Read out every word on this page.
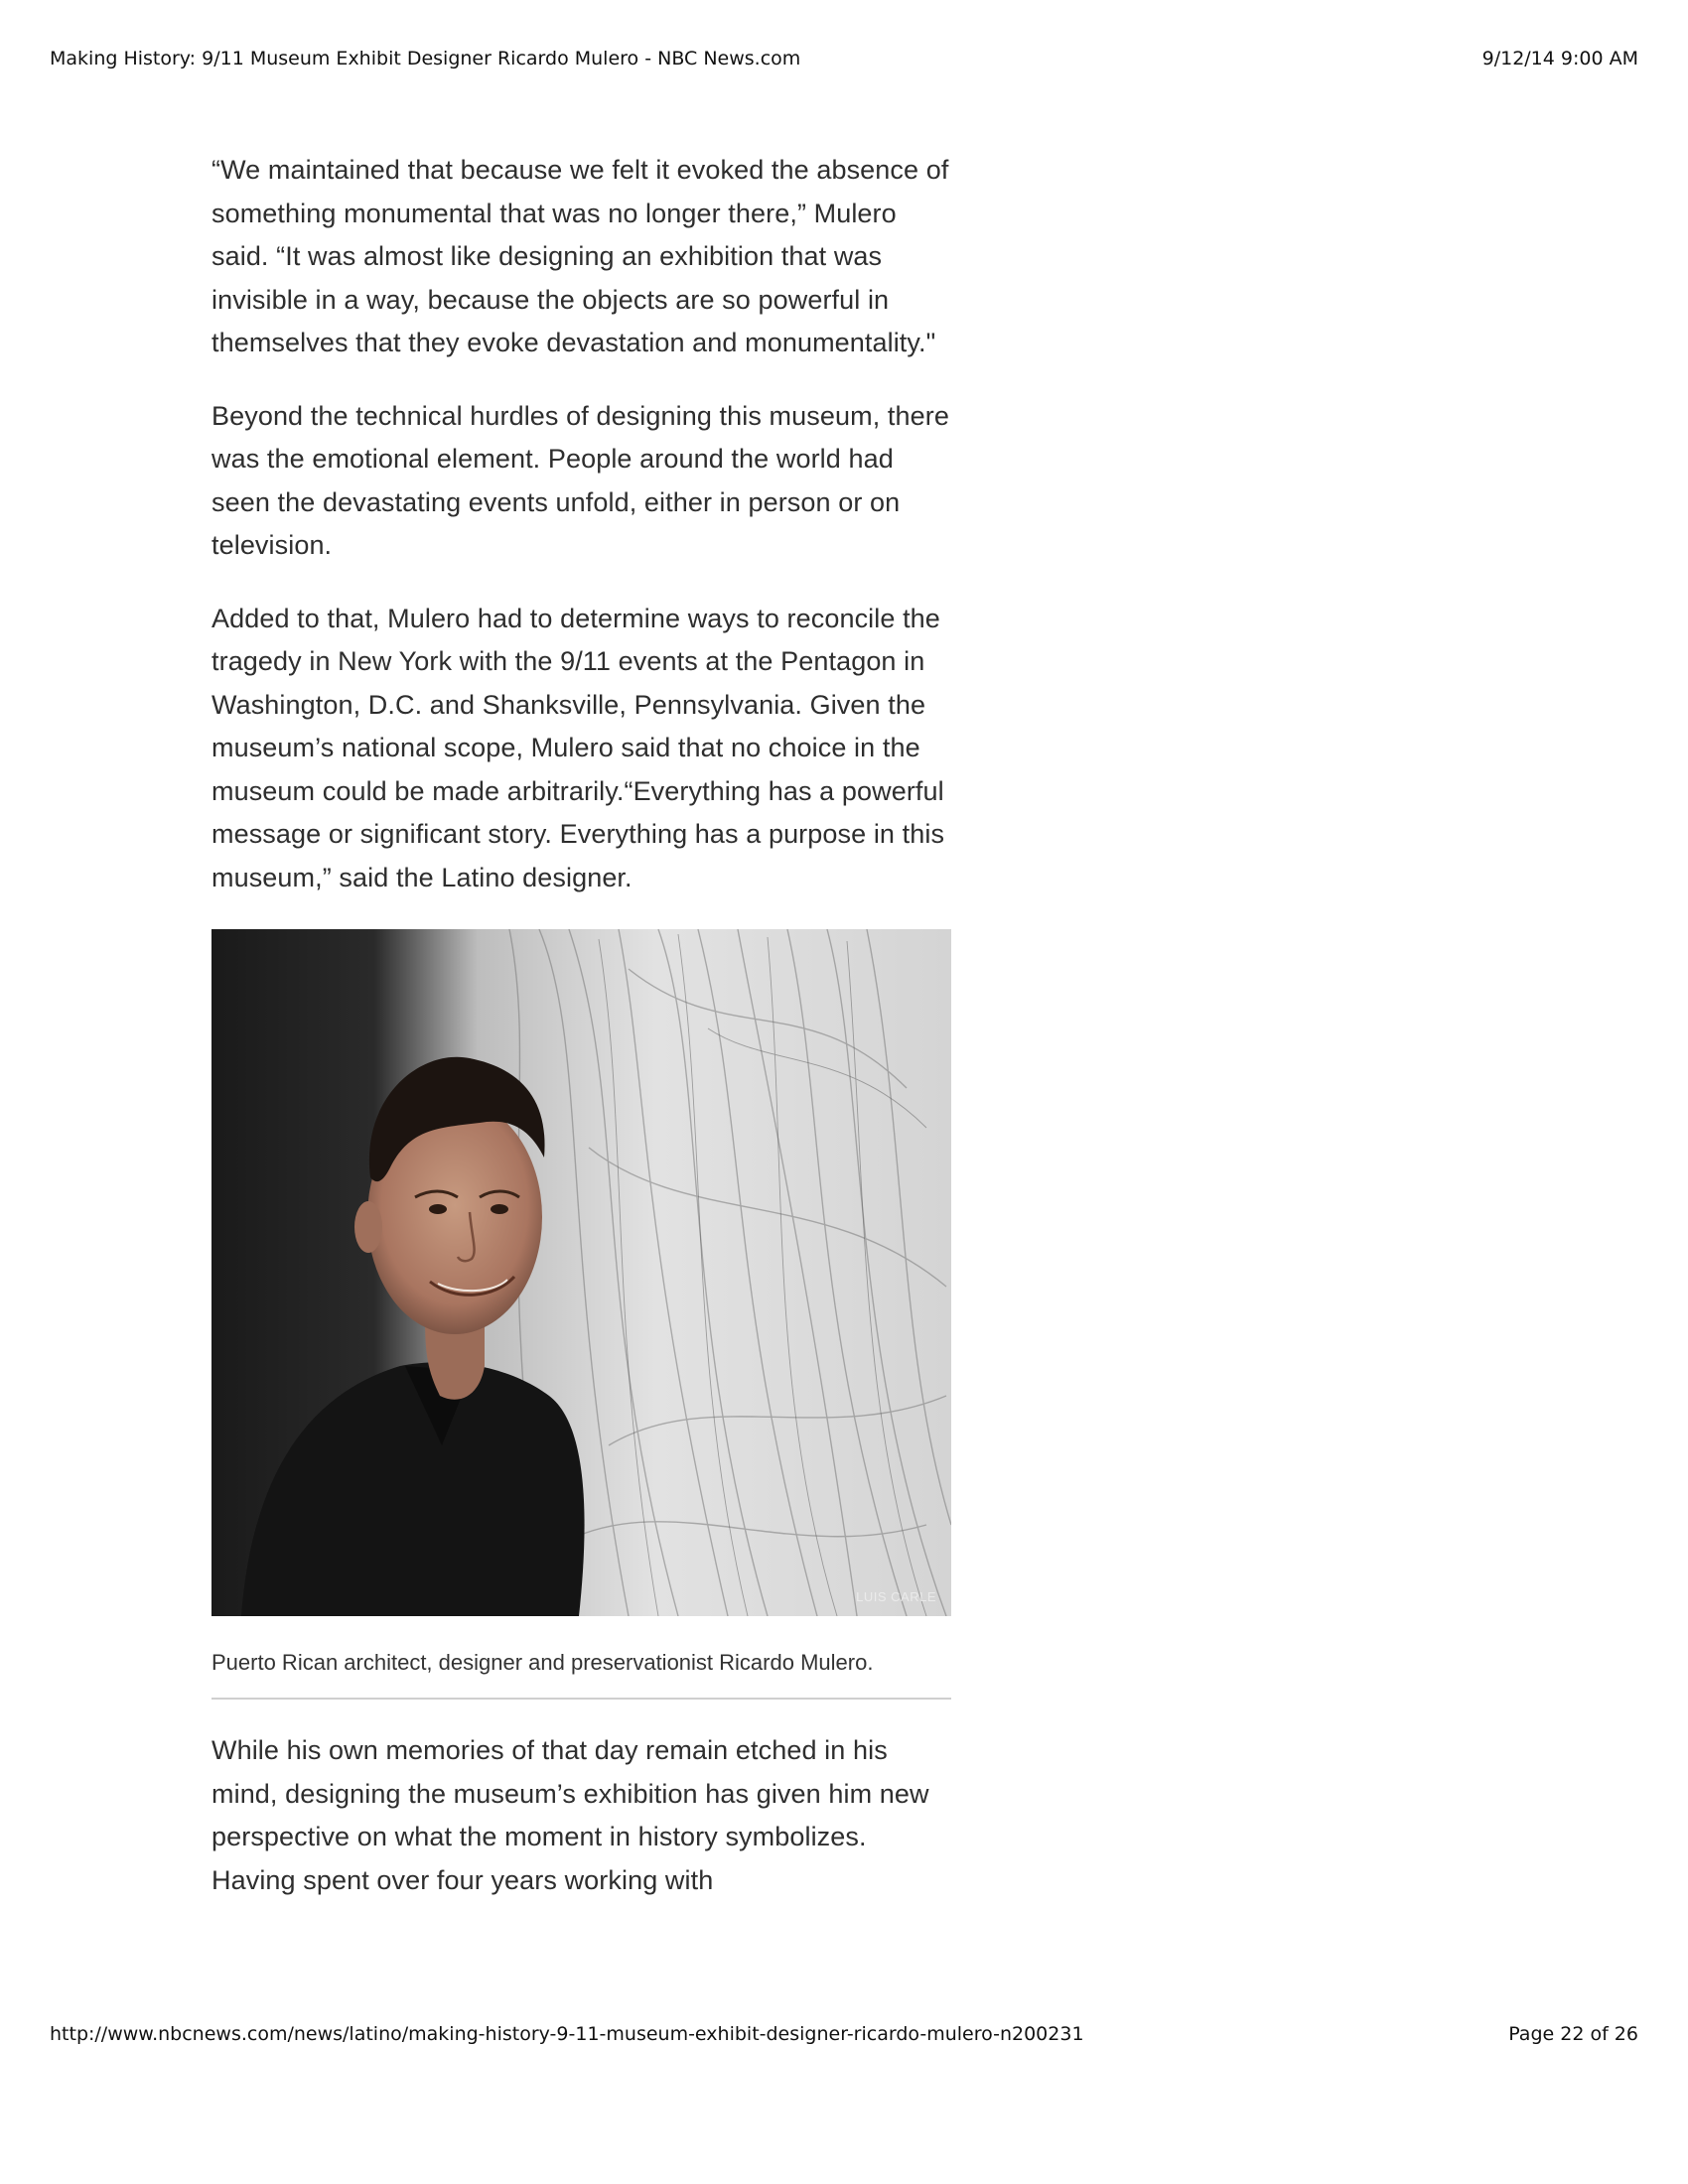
Making History: 9/11 Museum Exhibit Designer Ricardo Mulero - NBC News.com	9/12/14 9:00 AM

“We maintained that because we felt it evoked the absence of something monumental that was no longer there,” Mulero said. “It was almost like designing an exhibition that was invisible in a way, because the objects are so powerful in themselves that they evoke devastation and monumentality."

Beyond the technical hurdles of designing this museum, there was the emotional element. People around the world had seen the devastating events unfold, either in person or on television.

Added to that, Mulero had to determine ways to reconcile the tragedy in New York with the 9/11 events at the Pentagon in Washington, D.C. and Shanksville, Pennsylvania. Given the museum’s national scope, Mulero said that no choice in the museum could be made arbitrarily.“Everything has a powerful message or significant story. Everything has a purpose in this museum,” said the Latino designer.

LUIS CARLE
Puerto Rican architect, designer and preservationist Ricardo Mulero.

While his own memories of that day remain etched in his mind, designing the museum’s exhibition has given him new perspective on what the moment in history symbolizes. Having spent over four years working with

http://www.nbcnews.com/news/latino/making-history-9-11-museum-exhibit-designer-ricardo-mulero-n200231	Page 22 of 26
